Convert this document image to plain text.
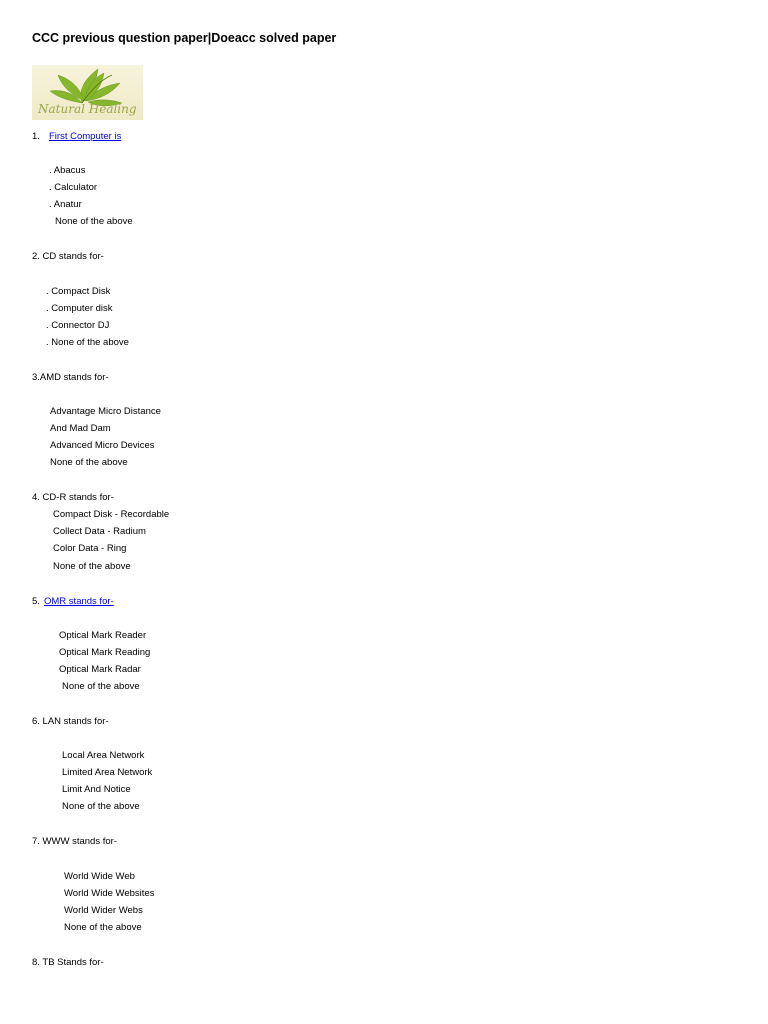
CCC previous question paper|Doeacc solved paper
Natural Healing
1. First Computer is
. Abacus
. Calculator
. Anatur
None of the above
2. CD stands for-
. Compact Disk
. Computer disk
. Connector DJ
. None of the above
3.AMD stands for-
Advantage Micro Distance
And Mad Dam
Advanced Micro Devices
None of the above
4. CD-R stands for-
Compact Disk - Recordable
Collect Data - Radium
Color Data - Ring
None of the above
5. OMR stands for-
Optical Mark Reader
Optical Mark Reading
Optical Mark Radar
None of the above
6. LAN stands for-
Local Area Network
Limited Area Network
Limit And Notice
None of the above
7. WWW stands for-
World Wide Web
World Wide Websites
World Wider Webs
None of the above
8. TB Stands for-
